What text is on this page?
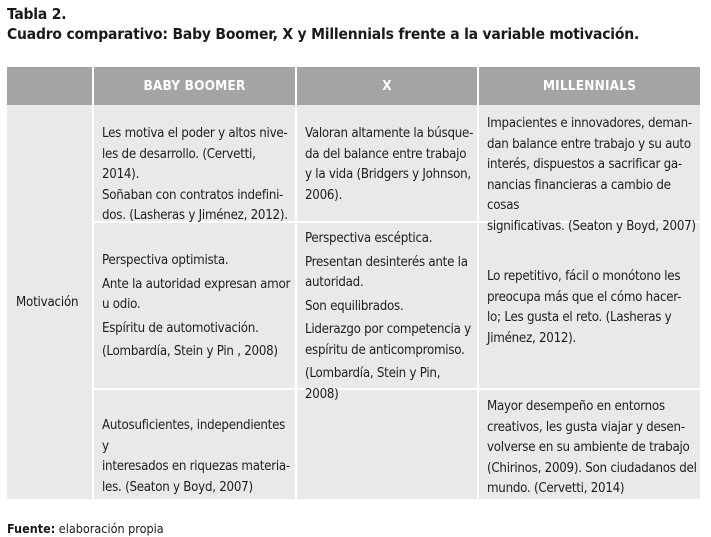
Tabla 2.
Cuadro comparativo: Baby Boomer, X y Millennials frente a la variable motivación.
BABY BOOMER	X	MILLENNIALS
Motivación

Les motiva el poder y altos nive-
les de desarrollo. (Cervetti, 2014).
Soñaban con contratos indefini-
dos. (Lasheras y Jiménez, 2012).

Valoran altamente la búsque-
da del balance entre trabajo
y la vida (Bridgers y Johnson,
2006).

Impacientes e innovadores, deman-
dan balance entre trabajo y su auto
interés, dispuestos a sacrificar ga-
nancias financieras a cambio de cosas
significativas. (Seaton y Boyd, 2007)

Perspectiva optimista.

Ante la autoridad expresan amor
u odio.

Espíritu de automotivación.

(Lombardía, Stein y Pin , 2008)

Perspectiva escéptica.

Presentan desinterés ante la
autoridad.

Son equilibrados.

Liderazgo por competencia y
espíritu de anticompromiso.

(Lombardía, Stein y Pin, 2008)

Lo repetitivo, fácil o monótono les
preocupa más que el cómo hacer-
lo; Les gusta el reto. (Lasheras y
Jiménez, 2012).

Autosuficientes, independientes y
interesados en riquezas materia-
les. (Seaton y Boyd, 2007)

Mayor desempeño en entornos
creativos, les gusta viajar y desen-
volverse en su ambiente de trabajo
(Chirinos, 2009). Son ciudadanos del
mundo. (Cervetti, 2014)

Fuente: elaboración propia
